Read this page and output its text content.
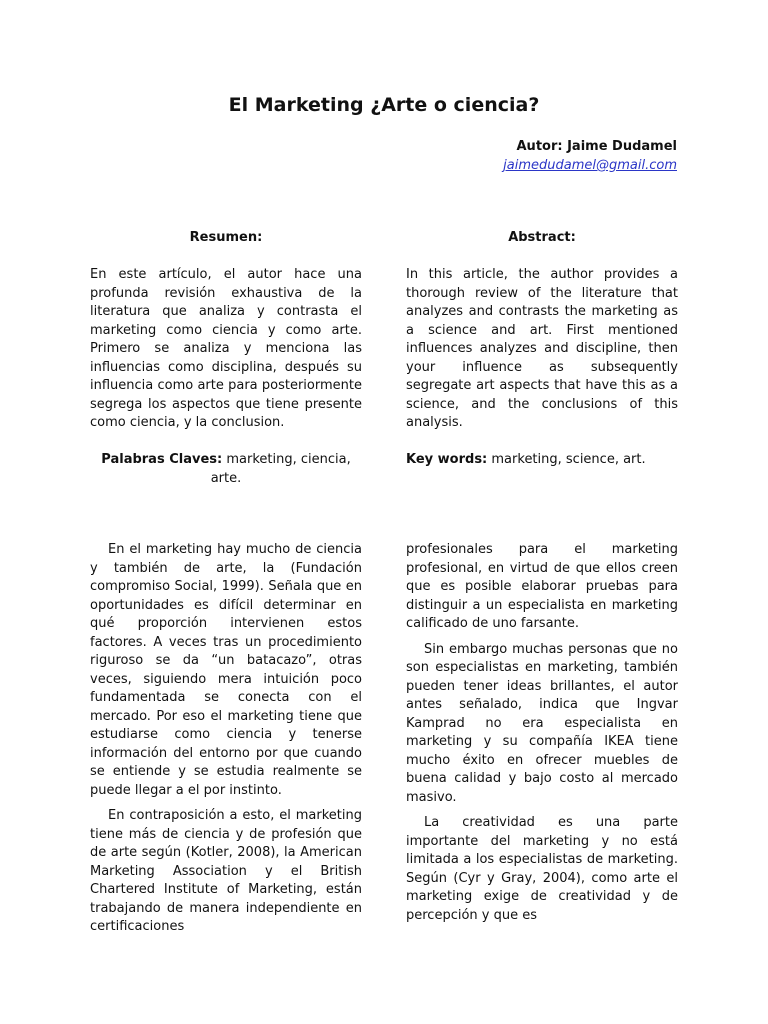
El Marketing ¿Arte o ciencia?
Autor: Jaime Dudamel
jaimedudamel@gmail.com
Resumen:	Abstract:
En este artículo, el autor hace una profunda revisión exhaustiva de la literatura que analiza y contrasta el marketing como ciencia y como arte. Primero se analiza y menciona las influencias como disciplina, después su influencia como arte para posteriormente segrega los aspectos que tiene presente como ciencia, y la conclusion.
In this article, the author provides a thorough review of the literature that analyzes and contrasts the marketing as a science and art. First mentioned influences analyzes and discipline, then your influence as subsequently segregate art aspects that have this as a science, and the conclusions of this analysis.
Palabras Claves: marketing, ciencia, arte.
Key words: marketing, science, art.

En el marketing hay mucho de ciencia y también de arte, la (Fundación compromiso Social, 1999). Señala que en oportunidades es difícil determinar en qué proporción intervienen estos factores. A veces tras un procedimiento riguroso se da “un batacazo”, otras veces, siguiendo mera intuición poco fundamentada se conecta con el mercado. Por eso el marketing tiene que estudiarse como ciencia y tenerse información del entorno por que cuando se entiende y se estudia realmente se puede llegar a el por instinto.

En contraposición a esto, el marketing tiene más de ciencia y de profesión que de arte según (Kotler, 2008), la American Marketing Association y el British Chartered Institute of Marketing, están trabajando de manera independiente en certificaciones

profesionales para el marketing profesional, en virtud de que ellos creen que es posible elaborar pruebas para distinguir a un especialista en marketing calificado de uno farsante.

Sin embargo muchas personas que no son especialistas en marketing, también pueden tener ideas brillantes, el autor antes señalado, indica que Ingvar Kamprad no era especialista en marketing y su compañía IKEA tiene mucho éxito en ofrecer muebles de buena calidad y bajo costo al mercado masivo.

La creatividad es una parte importante del marketing y no está limitada a los especialistas de marketing. Según (Cyr y Gray, 2004), como arte el marketing exige de creatividad y de percepción y que es
